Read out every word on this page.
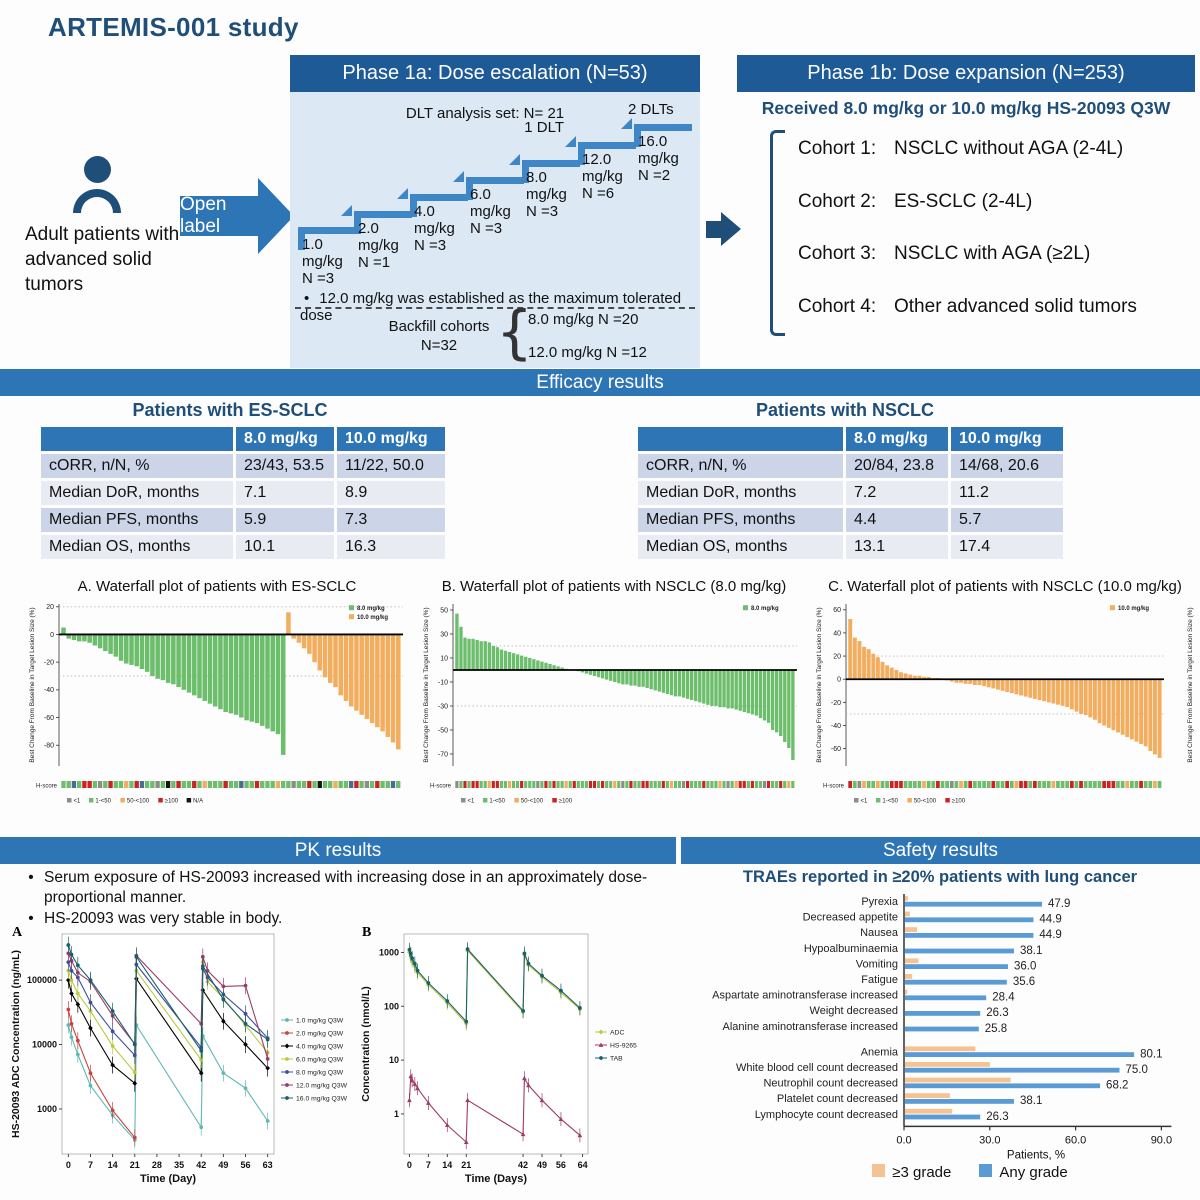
ARTEMIS-001 study
Adult patients with advanced solid tumors
Open label
Phase 1a: Dose escalation (N=53)
DLT analysis set: N= 21
1.0
mg/kg
N =3
2.0
mg/kg
N =1
4.0
mg/kg
N =3
6.0
mg/kg
N =3
8.0
mg/kg
N =3
1 DLT
12.0
mg/kg
N =6
2 DLTs
16.0
mg/kg
N =2
• 12.0 mg/kg was established as the maximum tolerated dose
Backfill cohorts
N=32 {
8.0 mg/kg N =20
12.0 mg/kg N =12
Phase 1b: Dose expansion (N=253)
Received 8.0 mg/kg or 10.0 mg/kg HS-20093 Q3W
Cohort 1: NSCLC without AGA (2-4L)
Cohort 2: ES-SCLC (2-4L)
Cohort 3: NSCLC with AGA (≥2L)
Cohort 4: Other advanced solid tumors
Efficacy results
Patients with ES-SCLC
	8.0 mg/kg	10.0 mg/kg
cORR, n/N, %	23/43, 53.5	11/22, 50.0
Median DoR, months	7.1	8.9
Median PFS, months	5.9	7.3
Median OS, months	10.1	16.3
Patients with NSCLC
	8.0 mg/kg	10.0 mg/kg
cORR, n/N, %	20/84, 23.8	14/68, 20.6
Median DoR, months	7.2	11.2
Median PFS, months	4.4	5.7
Median OS, months	13.1	17.4
A. Waterfall plot of patients with ES-SCLC	B. Waterfall plot of patients with NSCLC (8.0 mg/kg)	C. Waterfall plot of patients with NSCLC (10.0 mg/kg)
20
0
-20
-40
-60
-80
Best Change From Baseline in Target Lesion Size (%)	8.0 mg/kg
10.0 mg/kg
H-score
<1	1-<50	50-<100	≥100 N/A
50
30
10
-10
-30
-50
-70
Best Change From Baseline in Target Lesion Size (%)	8.0 mg/kg
H-score
<1	1-<50	50-<100	≥100
60
40
20
0
-20
-40
-60
Best Change From Baseline in Target Lesion Size (%)	Best Change From Baseline in Target Lesion Size (%)
10.0 mg/kg
H-score
<1	1-<50	50-<100	≥100
PK results	Safety results
• Serum exposure of HS-20093 increased with increasing dose in an approximately dose-proportional manner.
• HS-20093 was very stable in body.
A
1000
10000
100000
0 7 14 21 28 35 42 49 56 63
Time (Day)
HS-20093 ADC Concentration (ng/mL)	1.0 mg/kg Q3W
2.0 mg/kg Q3W
4.0 mg/kg Q3W
6.0 mg/kg Q3W
8.0 mg/kg Q3W
12.0 mg/kg Q3W
16.0 mg/kg Q3W
B
1
10
100
1000
0 7 14 21	42 49 56 64
Time (Days)
Concentration (nmol/L)	ADC
HS-9265
TAB
TRAEs reported in ≥20% patients with lung cancer
Pyrexia	47.9
Decreased appetite	44.9
Nausea	44.9
Hypoalbuminaemia	38.1
Vomiting	36.0
Fatigue	35.6
Aspartate aminotransferase increased	28.4
Weight decreased	26.3
Alanine aminotransferase increased	25.8
Anemia	80.1
White blood cell count decreased	75.0
Neutrophil count decreased	68.2
Platelet count decreased	38.1
Lymphocyte count decreased	26.3
0.0	30.0	60.0	90.0
Patients, %
≥3 grade	Any grade
